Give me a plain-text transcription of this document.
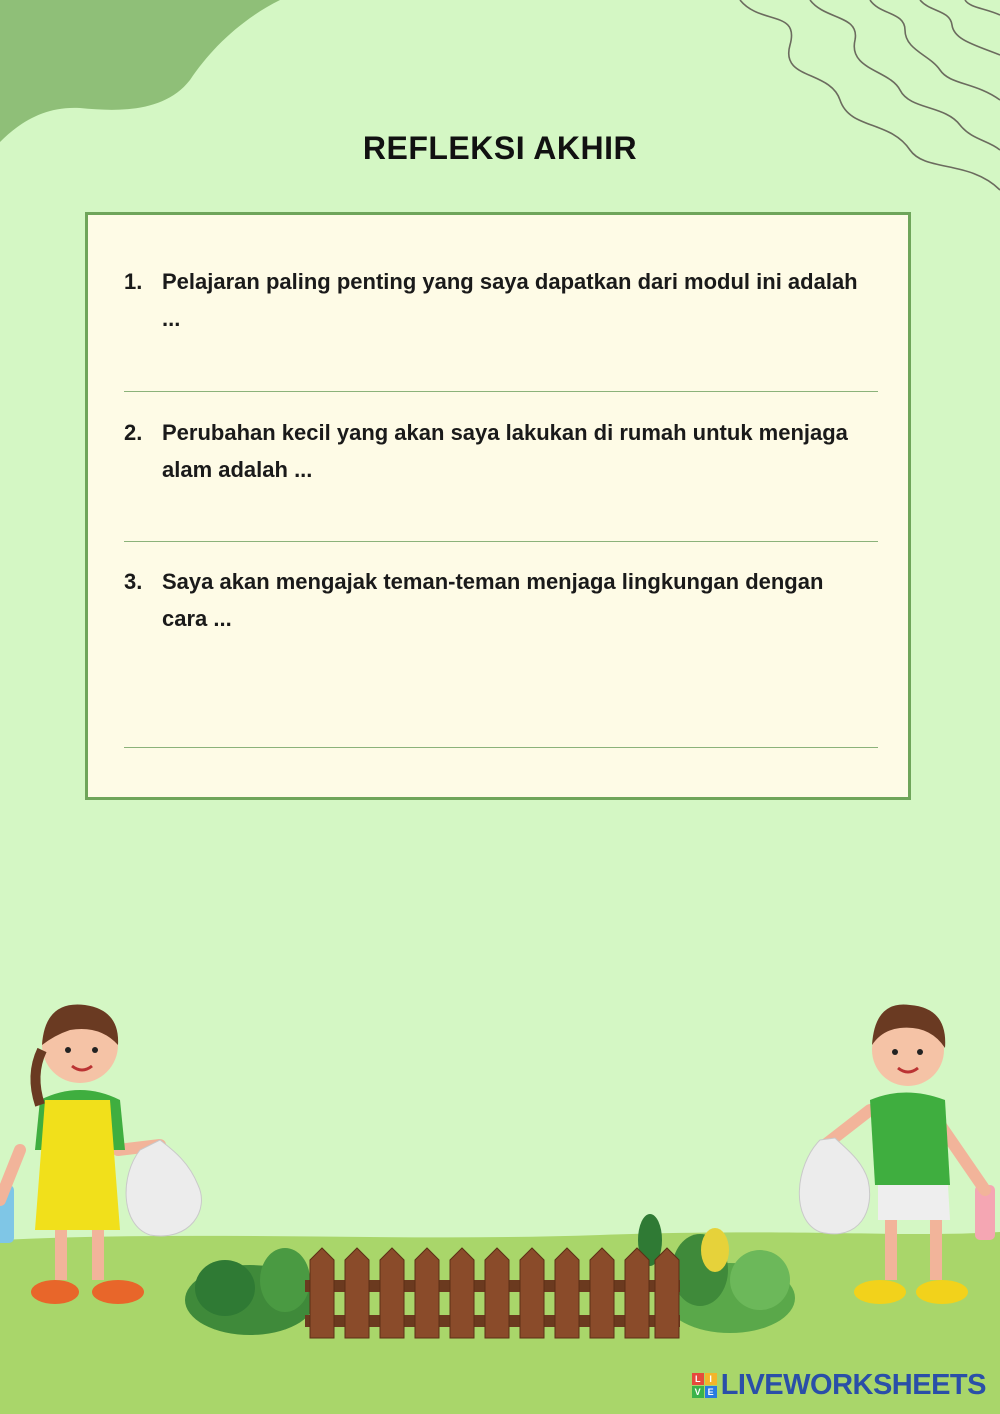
REFLEKSI AKHIR
1. Pelajaran paling penting yang saya dapatkan dari modul ini adalah ...
2. Perubahan kecil yang akan saya lakukan di rumah untuk menjaga alam adalah ...
3. Saya akan mengajak teman-teman menjaga lingkungan dengan cara ...
L I
V E LIVEWORKSHEETS
